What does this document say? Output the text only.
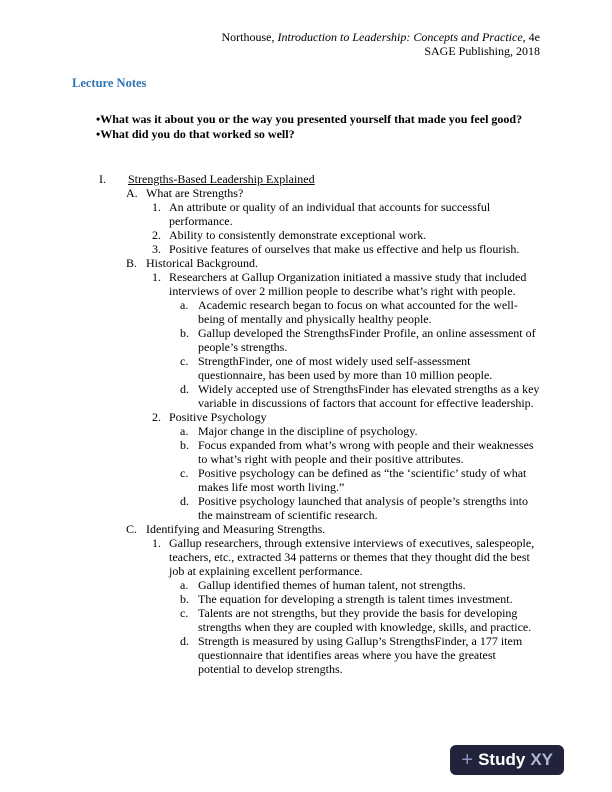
Northouse, Introduction to Leadership: Concepts and Practice, 4e
SAGE Publishing, 2018
Lecture Notes
• What was it about you or the way you presented yourself that made you feel good?
• What did you do that worked so well?
I.	Strengths-Based Leadership Explained
A. What are Strengths?
1. An attribute or quality of an individual that accounts for successful performance.
2. Ability to consistently demonstrate exceptional work.
3. Positive features of ourselves that make us effective and help us flourish.
B. Historical Background.
1. Researchers at Gallup Organization initiated a massive study that included interviews of over 2 million people to describe what’s right with people.
a. Academic research began to focus on what accounted for the well-being of mentally and physically healthy people.
b. Gallup developed the StrengthsFinder Profile, an online assessment of people’s strengths.
c. StrengthFinder, one of most widely used self-assessment questionnaire, has been used by more than 10 million people.
d. Widely accepted use of StrengthsFinder has elevated strengths as a key variable in discussions of factors that account for effective leadership.
2. Positive Psychology
a. Major change in the discipline of psychology.
b. Focus expanded from what’s wrong with people and their weaknesses to what’s right with people and their positive attributes.
c. Positive psychology can be defined as “the ‘scientific’ study of what makes life most worth living.”
d. Positive psychology launched that analysis of people’s strengths into the mainstream of scientific research.
C. Identifying and Measuring Strengths.
1. Gallup researchers, through extensive interviews of executives, salespeople, teachers, etc., extracted 34 patterns or themes that they thought did the best job at explaining excellent performance.
a. Gallup identified themes of human talent, not strengths.
b. The equation for developing a strength is talent times investment.
c. Talents are not strengths, but they provide the basis for developing strengths when they are coupled with knowledge, skills, and practice.
d. Strength is measured by using Gallup’s StrengthsFinder, a 177 item questionnaire that identifies areas where you have the greatest potential to develop strengths.
+ Study XY
